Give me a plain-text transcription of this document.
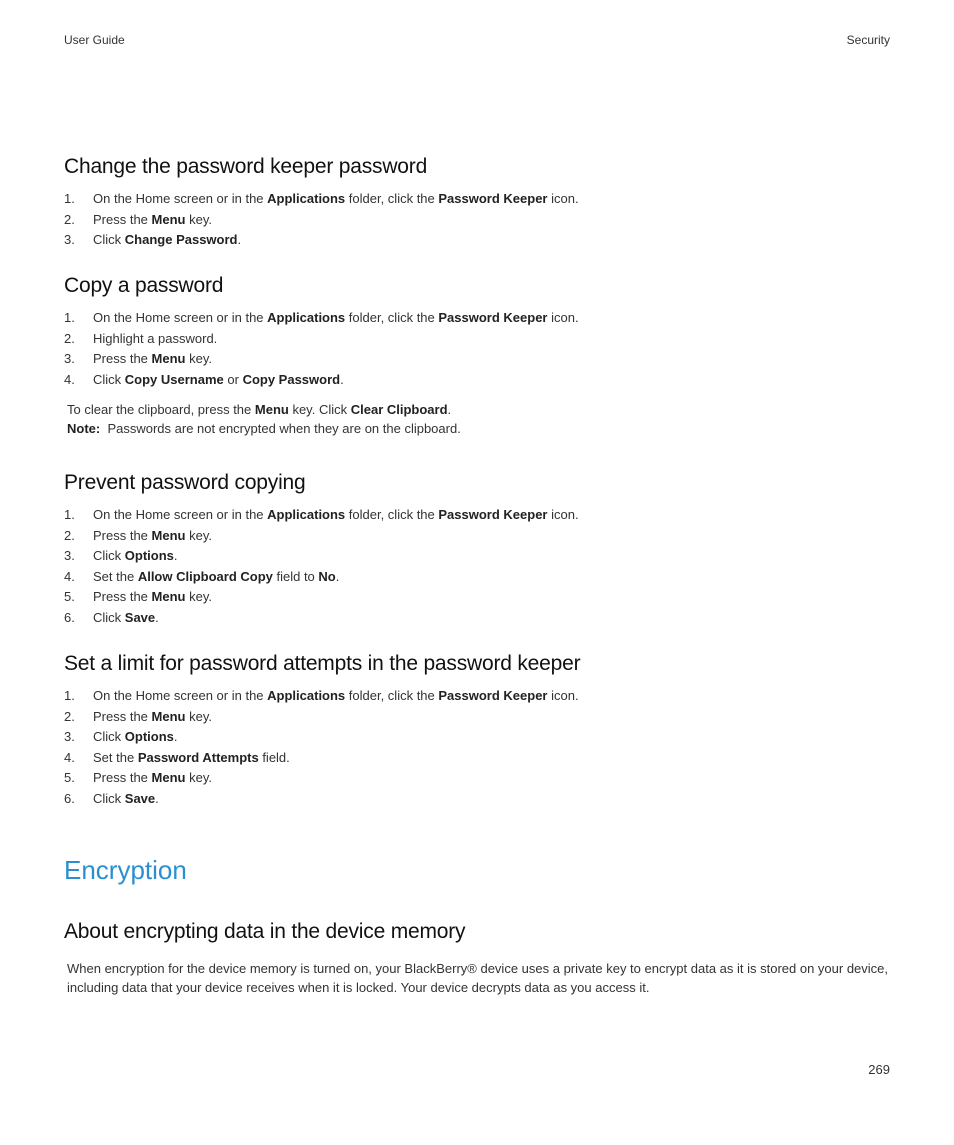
User Guide	Security
Change the password keeper password
1. On the Home screen or in the Applications folder, click the Password Keeper icon.
2. Press the Menu key.
3. Click Change Password.
Copy a password
1. On the Home screen or in the Applications folder, click the Password Keeper icon.
2. Highlight a password.
3. Press the Menu key.
4. Click Copy Username or Copy Password.

To clear the clipboard, press the Menu key. Click Clear Clipboard.

Note:  Passwords are not encrypted when they are on the clipboard.

Prevent password copying
1. On the Home screen or in the Applications folder, click the Password Keeper icon.
2. Press the Menu key.
3. Click Options.
4. Set the Allow Clipboard Copy field to No.
5. Press the Menu key.
6. Click Save.
Set a limit for password attempts in the password keeper
1. On the Home screen or in the Applications folder, click the Password Keeper icon.
2. Press the Menu key.
3. Click Options.
4. Set the Password Attempts field.
5. Press the Menu key.
6. Click Save.
Encryption
About encrypting data in the device memory

When encryption for the device memory is turned on, your BlackBerry® device uses a private key to encrypt data as it is stored on your device,

including data that your device receives when it is locked. Your device decrypts data as you access it.

269
